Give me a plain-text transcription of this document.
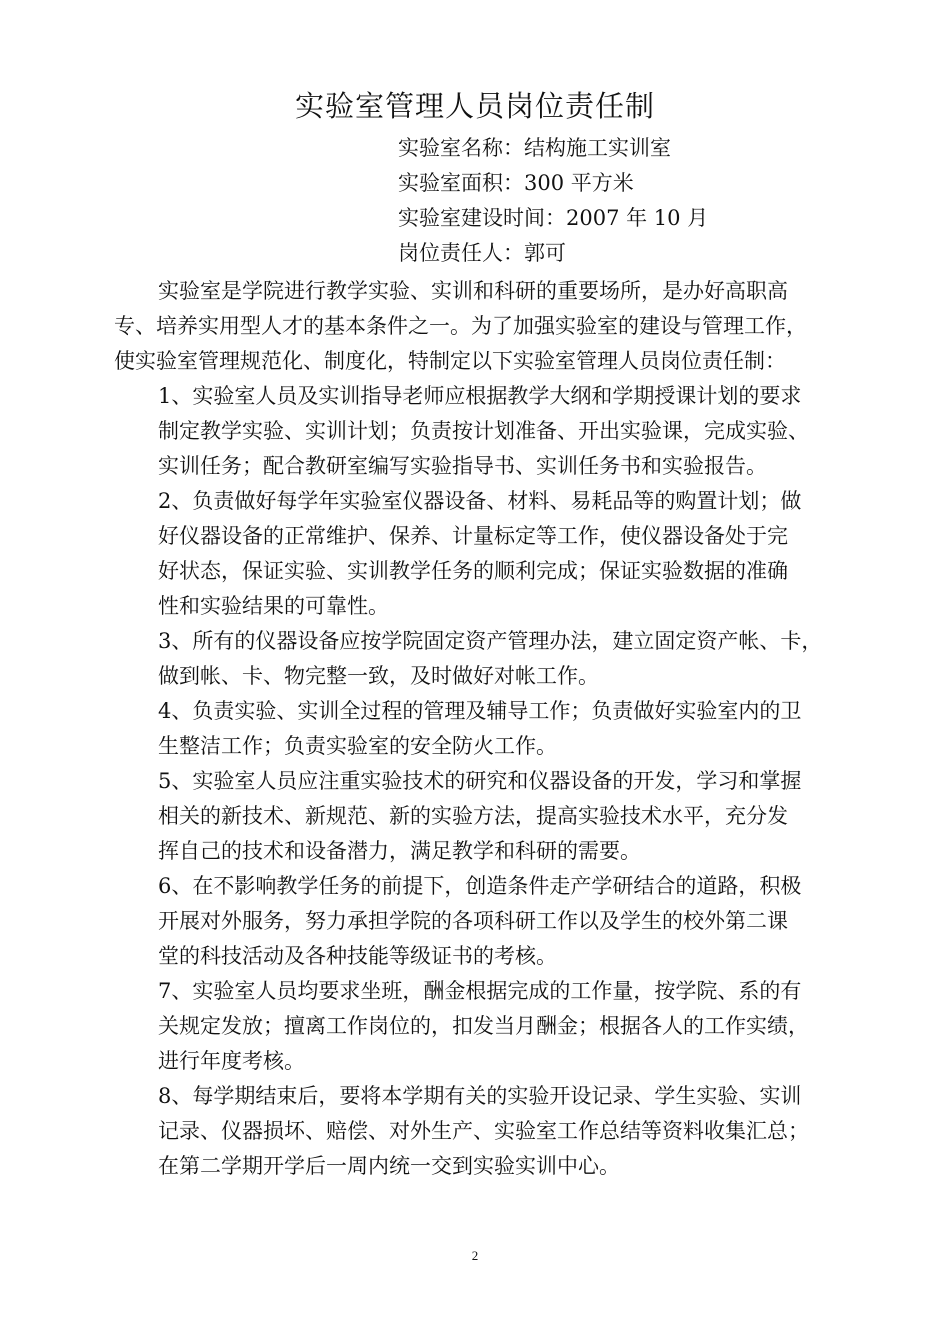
实验室管理人员岗位责任制
实验室名称：结构施工实训室
实验室面积：300 平方米
实验室建设时间：2007 年 10 月
岗位责任人：郭可
实验室是学院进行教学实验、实训和科研的重要场所，是办好高职高
专、培养实用型人才的基本条件之一。为了加强实验室的建设与管理工作，
使实验室管理规范化、制度化，特制定以下实验室管理人员岗位责任制：
1、实验室人员及实训指导老师应根据教学大纲和学期授课计划的要求
制定教学实验、实训计划；负责按计划准备、开出实验课，完成实验、
实训任务；配合教研室编写实验指导书、实训任务书和实验报告。
2、负责做好每学年实验室仪器设备、材料、易耗品等的购置计划；做
好仪器设备的正常维护、保养、计量标定等工作，使仪器设备处于完
好状态，保证实验、实训教学任务的顺利完成；保证实验数据的准确
性和实验结果的可靠性。
3、所有的仪器设备应按学院固定资产管理办法，建立固定资产帐、卡，
做到帐、卡、物完整一致，及时做好对帐工作。
4、负责实验、实训全过程的管理及辅导工作；负责做好实验室内的卫
生整洁工作；负责实验室的安全防火工作。
5、实验室人员应注重实验技术的研究和仪器设备的开发，学习和掌握
相关的新技术、新规范、新的实验方法，提高实验技术水平，充分发
挥自己的技术和设备潜力，满足教学和科研的需要。
6、在不影响教学任务的前提下，创造条件走产学研结合的道路，积极
开展对外服务，努力承担学院的各项科研工作以及学生的校外第二课
堂的科技活动及各种技能等级证书的考核。
7、实验室人员均要求坐班，酬金根据完成的工作量，按学院、系的有
关规定发放；擅离工作岗位的，扣发当月酬金；根据各人的工作实绩，
进行年度考核。
8、每学期结束后，要将本学期有关的实验开设记录、学生实验、实训
记录、仪器损坏、赔偿、对外生产、实验室工作总结等资料收集汇总；
在第二学期开学后一周内统一交到实验实训中心。
2
